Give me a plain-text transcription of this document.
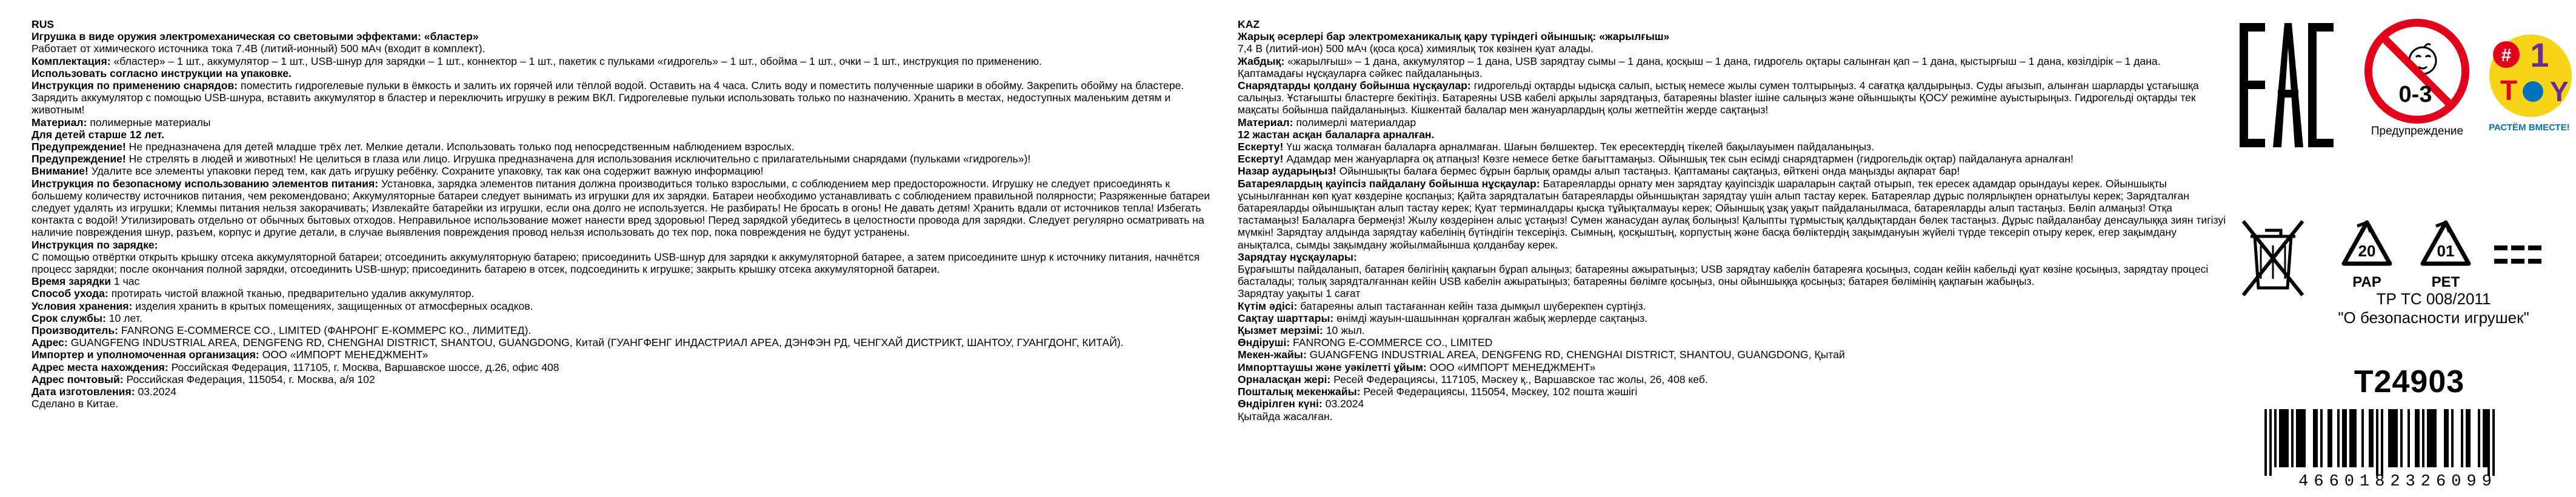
RUS

Игрушка в виде оружия электромеханическая со световыми эффектами: «бластер»

Работает от химического источника тока 7.4В (литий-ионный) 500 мАч (входит в комплект).

Комплектация: «бластер» – 1 шт., аккумулятор – 1 шт., USB-шнур для зарядки – 1 шт., коннектор – 1 шт., пакетик с пульками «гидрогель» – 1 шт., обойма – 1 шт., очки – 1 шт., инструкция по применению.

Использовать согласно инструкции на упаковке.

Инструкция по применению снарядов: поместить гидрогелевые пульки в ёмкость и залить их горячей или тёплой водой. Оставить на 4 часа. Слить воду и поместить полученные шарики в обойму. Закрепить обойму на бластере. Зарядить аккумулятор с помощью USB-шнура, вставить аккумулятор в бластер и переключить игрушку в режим ВКЛ. Гидрогелевые пульки использовать только по назначению. Хранить в местах, недоступных маленьким детям и животным!

Материал: полимерные материалы

Для детей старше 12 лет.

Предупреждение! Не предназначена для детей младше трёх лет. Мелкие детали. Использовать только под непосредственным наблюдением взрослых.

Предупреждение! Не стрелять в людей и животных! Не целиться в глаза или лицо. Игрушка предназначена для использования исключительно с прилагательными снарядами (пульками «гидрогель»)!

Внимание! Удалите все элементы упаковки перед тем, как дать игрушку ребёнку. Сохраните упаковку, так как она содержит важную информацию!

Инструкция по безопасному использованию элементов питания: Установка, зарядка элементов питания должна производиться только взрослыми, с соблюдением мер предосторожности. Игрушку не следует присоединять к большему количеству источников питания, чем рекомендовано; Аккумуляторные батареи следует вынимать из игрушки для их зарядки. Батареи необходимо устанавливать с соблюдением правильной полярности; Разряженные батареи следует удалять из игрушки; Клеммы питания нельзя закорачивать; Извлекайте батарейки из игрушки, если она долго не используется. Не разбирать! Не бросать в огонь! Не давать детям! Хранить вдали от источников тепла! Избегать контакта с водой! Утилизировать отдельно от обычных бытовых отходов. Неправильное использование может нанести вред здоровью! Перед зарядкой убедитесь в целостности провода для зарядки. Следует регулярно осматривать на наличие повреждения шнур, разъем, корпус и другие детали, в случае выявления повреждения провод нельзя использовать до тех пор, пока повреждения не будут устранены.

Инструкция по зарядке:

С помощью отвёртки открыть крышку отсека аккумуляторной батареи; отсоединить аккумуляторную батарею; присоединить USB-шнур для зарядки к аккумуляторной батарее, а затем присоедините шнур к источнику питания, начнётся процесс зарядки; после окончания полной зарядки, отсоединить USB-шнур; присоединить батарею в отсек, подсоединить к игрушке; закрыть крышку отсека аккумуляторной батареи.

Время зарядки 1 час

Способ ухода: протирать чистой влажной тканью, предварительно удалив аккумулятор.

Условия хранения: изделия хранить в крытых помещениях, защищенных от атмосферных осадков.

Срок службы: 10 лет.

Производитель: FANRONG E-COMMERCE CO., LIMITED (ФАНРОНГ Е-КОММЕРС КО., ЛИМИТЕД).

Адрес: GUANGFENG INDUSTRIAL AREA, DENGFENG RD, CHENGHAI DISTRICT, SHANTOU, GUANGDONG, Китай (ГУАНГФЕНГ ИНДАСТРИАЛ АРЕА, ДЭНФЭН РД, ЧЕНГХАЙ ДИСТРИКТ, ШАНТОУ, ГУАНГДОНГ, КИТАЙ).

Импортер и уполномоченная организация: ООО «ИМПОРТ МЕНЕДЖМЕНТ»

Адрес места нахождения: Российская Федерация, 117105, г. Москва, Варшавское шоссе, д.26, офис 408

Адрес почтовый: Российская Федерация, 115054, г. Москва, а/я 102

Дата изготовления: 03.2024

Сделано в Китае.

KAZ

Жарық әсерлері бар электромеханикалық қару түріндегі ойыншық: «жарылғыш»

7,4 В (литий-ион) 500 мАч (қоса қоса) химиялық ток көзінен қуат алады.

Жабдық: «жарылғыш» – 1 дана, аккумулятор – 1 дана, USB зарядтау сымы – 1 дана, қосқыш – 1 дана, гидрогель оқтары салынған қап – 1 дана, қыстырғыш – 1 дана, көзілдірік – 1 дана.

Қаптамадағы нұсқауларға сәйкес пайдаланыңыз.

Снарядтарды қолдану бойынша нұсқаулар: гидрогельді оқтарды ыдысқа салып, ыстық немесе жылы сумен толтырыңыз. 4 сағатқа қалдырыңыз. Суды ағызып, алынған шарларды ұстағышқа салыңыз. Ұстағышты бластерге бекітіңіз. Батареяны USB кабелі арқылы зарядтаңыз, батареяны blaster ішіне салыңыз және ойыншықты ҚОСУ режиміне ауыстырыңыз. Гидрогельді оқтарды тек мақсаты бойынша пайдаланыңыз. Кішкентай балалар мен жануарлардың қолы жетпейтін жерде сақтаңыз!

Материал: полимерлі материалдар

12 жастан асқан балаларға арналған.

Ескерту! Үш жасқа толмаған балаларға арналмаған. Шағын бөлшектер. Тек ересектердің тікелей бақылауымен пайдаланыңыз.

Ескерту! Адамдар мен жануарларға оқ атпаңыз! Көзге немесе бетке бағыттамаңыз. Ойыншық тек сын есімді снарядтармен (гидрогельдік оқтар) пайдалануға арналған!

Назар аударыңыз! Ойыншықты балаға бермес бұрын барлық орамды алып тастаңыз. Қаптаманы сақтаңыз, өйткені онда маңызды ақпарат бар!

Батареялардың қауіпсіз пайдалану бойынша нұсқаулар: Батареяларды орнату мен зарядтау қауіпсіздік шараларын сақтай отырып, тек ересек адамдар орындауы керек. Ойыншықты ұсынылғаннан көп қуат көздеріне қоспаңыз; Қайта зарядталатын батареяларды ойыншықтан зарядтау үшін алып тастау керек. Батареялар дұрыс полярлықпен орнатылуы керек; Зарядталған батареяларды ойыншықтан алып тастау керек; Қуат терминалдары қысқа тұйықталмауы керек; Ойыншық ұзақ уақыт пайдаланылмаса, батареяларды алып тастаңыз. Бөліп алмаңыз! Отқа тастамаңыз! Балаларға бермеңіз! Жылу көздерінен алыс ұстаңыз! Сумен жанасудан аулақ болыңыз! Қалыпты тұрмыстық қалдықтардан бөлек тастаңыз. Дұрыс пайдаланбау денсаулыққа зиян тигізуі мүмкін! Зарядтау алдында зарядтау кабелінің бүтіндігін тексеріңіз. Сымның, қосқыштың, корпустың және басқа бөліктердің зақымдануын жүйелі түрде тексеріп отыру керек, егер зақымдану анықталса, сымды зақымдану жойылмайынша қолданбау керек.

Зарядтау нұсқаулары:

Бұрағышты пайдаланып, батарея бөлігінің қақпағын бұрап алыңыз; батареяны ажыратыңыз; USB зарядтау кабелін батареяға қосыңыз, содан кейін кабельді қуат көзіне қосыңыз, зарядтау процесі басталады; толық зарядталғаннан кейін USB кабелін ажыратыңыз; батареяны бөлімге қосыңыз, оны ойыншыққа қосыңыз; батарея бөлімінің қақпағын жабыңыз.

Зарядтау уақыты 1 сағат

Күтім әдісі: батареяны алып тастағаннан кейін таза дымқыл шүберекпен сүртіңіз.

Сақтау шарттары: өнімді жауын-шашыннан қорғалған жабық жерлерде сақтаңыз.

Қызмет мерзімі: 10 жыл.

Өндіруші: FANRONG E-COMMERCE CO., LIMITED

Мекен-жайы: GUANGFENG INDUSTRIAL AREA, DENGFENG RD, CHENGHAI DISTRICT, SHANTOU, GUANGDONG, Қытай

Импорттаушы және уәкілетті ұйым: ООО «ИМПОРТ МЕНЕДЖМЕНТ»

Орналасқан жері: Ресей Федерациясы, 117105, Мәскеу қ., Варшавское тас жолы, 26, 408 кеб.

Пошталық мекенжайы: Ресей Федерациясы, 115054, Мәскеу, 102 пошта жәшігі

Өндірілген күні: 03.2024

Қытайда жасалған.

0-3
Предупреждение
# 1
T Y
РАСТЁМ ВМЕСТЕ!
20
PAP
01
PET
ТР ТС 008/2011
"О безопасности игрушек"
T24903
4660182326099
